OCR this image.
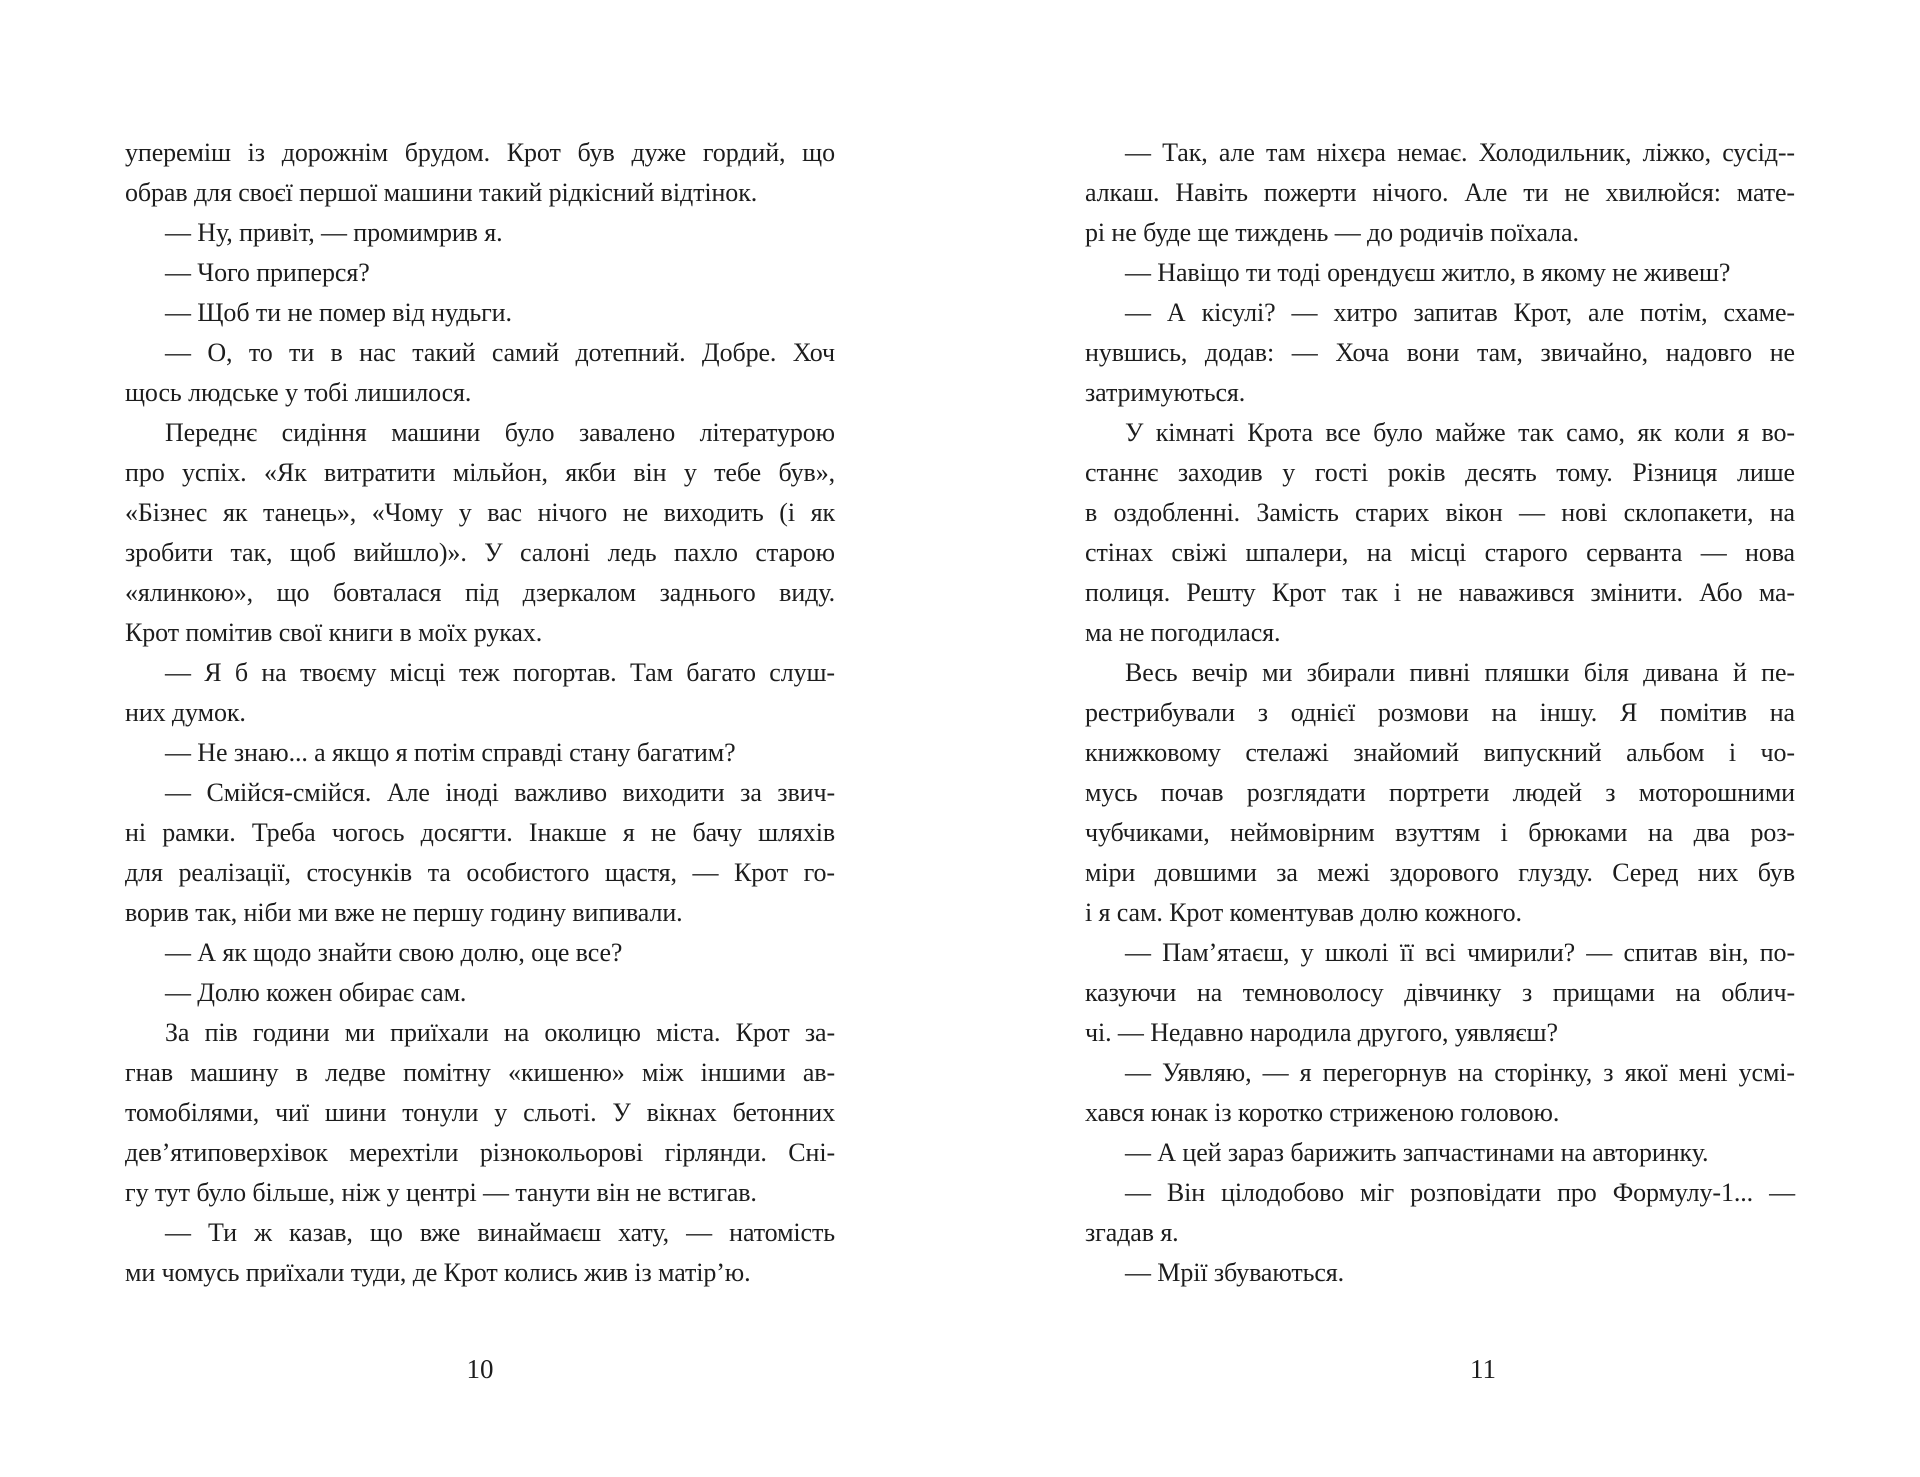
упереміш із дорожнім брудом. Крот був дуже гордий, що
обрав для своєї першої машини такий рідкісний відтінок.
— Ну, привіт, — промимрив я.
— Чого приперся?
— Щоб ти не помер від нудьги.
— О, то ти в нас такий самий дотепний. Добре. Хоч
щось людське у тобі лишилося.
Переднє сидіння машини було завалено літературою
про успіх. «Як витратити мільйон, якби він у тебе був»,
«Бізнес як танець», «Чому у вас нічого не виходить (і як
зробити так, щоб вийшло)». У салоні ледь пахло старою
«ялинкою», що бовталася під дзеркалом заднього виду.
Крот помітив свої книги в моїх руках.
— Я б на твоєму місці теж погортав. Там багато слуш-
них думок.
— Не знаю... а якщо я потім справді стану багатим?
— Смійся-смійся. Але іноді важливо виходити за звич-
ні рамки. Треба чогось досягти. Інакше я не бачу шляхів
для реалізації, стосунків та особистого щастя, — Крот го-
ворив так, ніби ми вже не першу годину випивали.
— А як щодо знайти свою долю, оце все?
— Долю кожен обирає сам.
За пів години ми приїхали на околицю міста. Крот за-
гнав машину в ледве помітну «кишеню» між іншими ав-
томобілями, чиї шини тонули у сльоті. У вікнах бетонних
дев’ятиповерхівок мерехтіли різнокольорові гірлянди. Сні-
гу тут було більше, ніж у центрі — танути він не встигав.
— Ти ж казав, що вже винаймаєш хату, — натомість
ми чомусь приїхали туди, де Крот колись жив із матір’ю.
10
— Так, але там ніхєра немає. Холодильник, ліжко, сусід--
алкаш. Навіть пожерти нічого. Але ти не хвилюйся: мате-
рі не буде ще тиждень — до родичів поїхала.
— Навіщо ти тоді орендуєш житло, в якому не живеш?
— А кісулі? — хитро запитав Крот, але потім, схаме-
нувшись, додав: — Хоча вони там, звичайно, надовго не
затримуються.
У кімнаті Крота все було майже так само, як коли я во-
станнє заходив у гості років десять тому. Різниця лише
в оздобленні. Замість старих вікон — нові склопакети, на
стінах свіжі шпалери, на місці старого серванта — нова
полиця. Решту Крот так і не наважився змінити. Або ма-
ма не погодилася.
Весь вечір ми збирали пивні пляшки біля дивана й пе-
рестрибували з однієї розмови на іншу. Я помітив на
книжковому стелажі знайомий випускний альбом і чо-
мусь почав розглядати портрети людей з моторошними
чубчиками, неймовірним взуттям і брюками на два роз-
міри довшими за межі здорового глузду. Серед них був
і я сам. Крот коментував долю кожного.
— Пам’ятаєш, у школі її всі чмирили? — спитав він, по-
казуючи на темноволосу дівчинку з прищами на облич-
чі. — Недавно народила другого, уявляєш?
— Уявляю, — я перегорнув на сторінку, з якої мені усмі-
хався юнак із коротко стриженою головою.
— А цей зараз барижить запчастинами на авторинку.
— Він цілодобово міг розповідати про Формулу-1... —
згадав я.
— Мрії збуваються.
11
